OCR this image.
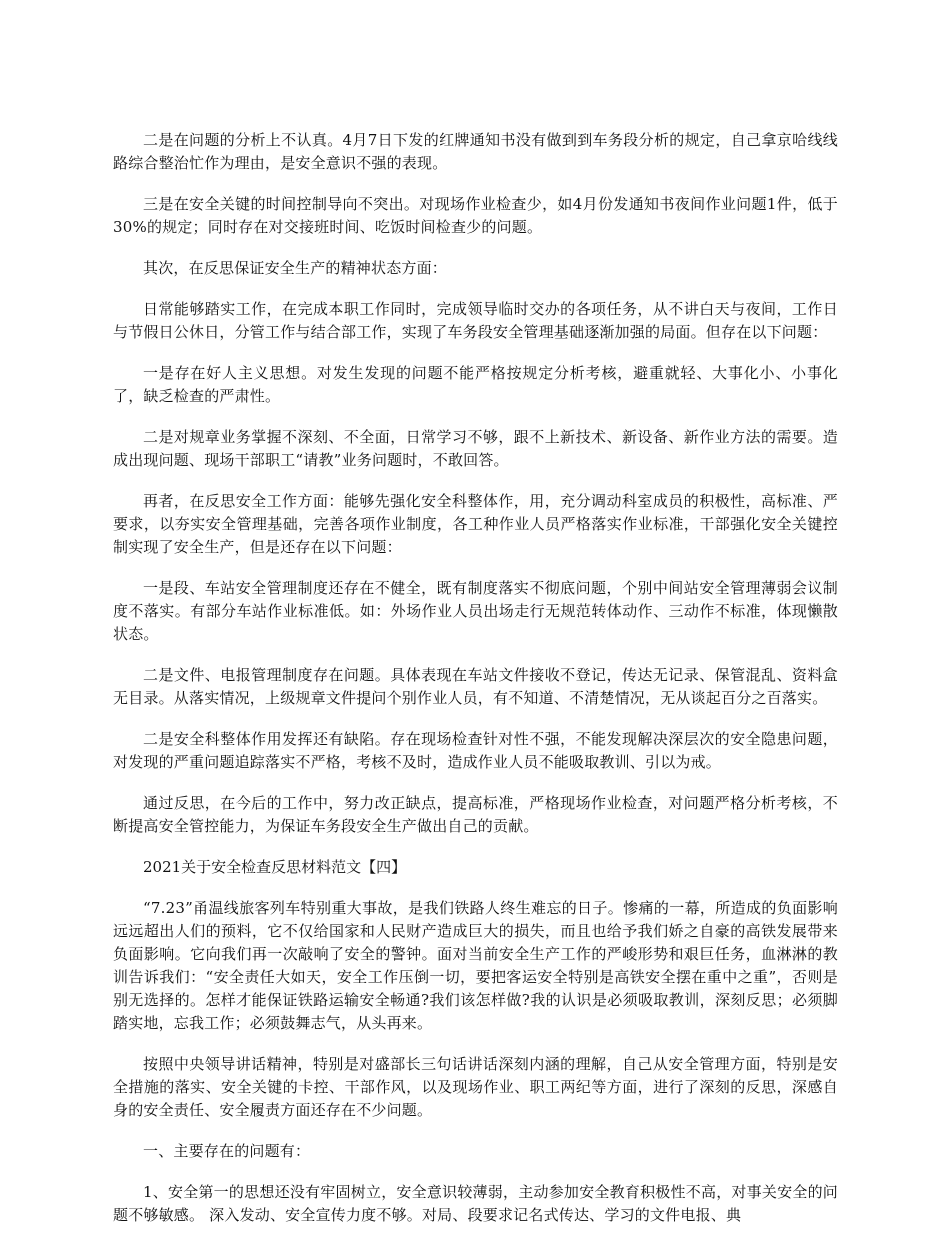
二是在问题的分析上不认真。4月7日下发的红牌通知书没有做到到车务段分析的规定，自己拿京哈线线路综合整治忙作为理由，是安全意识不强的表现。

三是在安全关键的时间控制导向不突出。对现场作业检查少，如4月份发通知书夜间作业问题1件，低于30%的规定；同时存在对交接班时间、吃饭时间检查少的问题。

其次，在反思保证安全生产的精神状态方面：

日常能够踏实工作，在完成本职工作同时，完成领导临时交办的各项任务，从不讲白天与夜间，工作日与节假日公休日，分管工作与结合部工作，实现了车务段安全管理基础逐渐加强的局面。但存在以下问题：

一是存在好人主义思想。对发生发现的问题不能严格按规定分析考核，避重就轻、大事化小、小事化了，缺乏检查的严肃性。

二是对规章业务掌握不深刻、不全面，日常学习不够，跟不上新技术、新设备、新作业方法的需要。造成出现问题、现场干部职工“请教”业务问题时，不敢回答。

再者，在反思安全工作方面：能够先强化安全科整体作，用，充分调动科室成员的积极性，高标准、严要求，以夯实安全管理基础，完善各项作业制度，各工种作业人员严格落实作业标准，干部强化安全关键控制实现了安全生产，但是还存在以下问题：

一是段、车站安全管理制度还存在不健全，既有制度落实不彻底问题，个别中间站安全管理薄弱会议制度不落实。有部分车站作业标准低。如：外场作业人员出场走行无规范转体动作、三动作不标准，体现懒散状态。

二是文件、电报管理制度存在问题。具体表现在车站文件接收不登记，传达无记录、保管混乱、资料盒无目录。从落实情况，上级规章文件提问个别作业人员，有不知道、不清楚情况，无从谈起百分之百落实。

二是安全科整体作用发挥还有缺陷。存在现场检查针对性不强，不能发现解决深层次的安全隐患问题，对发现的严重问题追踪落实不严格，考核不及时，造成作业人员不能吸取教训、引以为戒。

通过反思，在今后的工作中，努力改正缺点，提高标准，严格现场作业检查，对问题严格分析考核，不断提高安全管控能力，为保证车务段安全生产做出自己的贡献。

2021关于安全检查反思材料范文【四】

“7.23”甬温线旅客列车特别重大事故，是我们铁路人终生难忘的日子。惨痛的一幕，所造成的负面影响远远超出人们的预料，它不仅给国家和人民财产造成巨大的损失，而且也给予我们娇之自豪的高铁发展带来负面影响。它向我们再一次敲响了安全的警钟。面对当前安全生产工作的严峻形势和艰巨任务，血淋淋的教训告诉我们：“安全责任大如天，安全工作压倒一切，要把客运安全特别是高铁安全摆在重中之重”，否则是别无选择的。怎样才能保证铁路运输安全畅通?我们该怎样做?我的认识是必须吸取教训，深刻反思；必须脚踏实地，忘我工作；必须鼓舞志气，从头再来。

按照中央领导讲话精神，特别是对盛部长三句话讲话深刻内涵的理解，自己从安全管理方面，特别是安全措施的落实、安全关键的卡控、干部作风，以及现场作业、职工两纪等方面，进行了深刻的反思，深感自身的安全责任、安全履责方面还存在不少问题。

一、主要存在的问题有：

1、安全第一的思想还没有牢固树立，安全意识较薄弱，主动参加安全教育积极性不高，对事关安全的问题不够敏感。 深入发动、安全宣传力度不够。对局、段要求记名式传达、学习的文件电报、典
